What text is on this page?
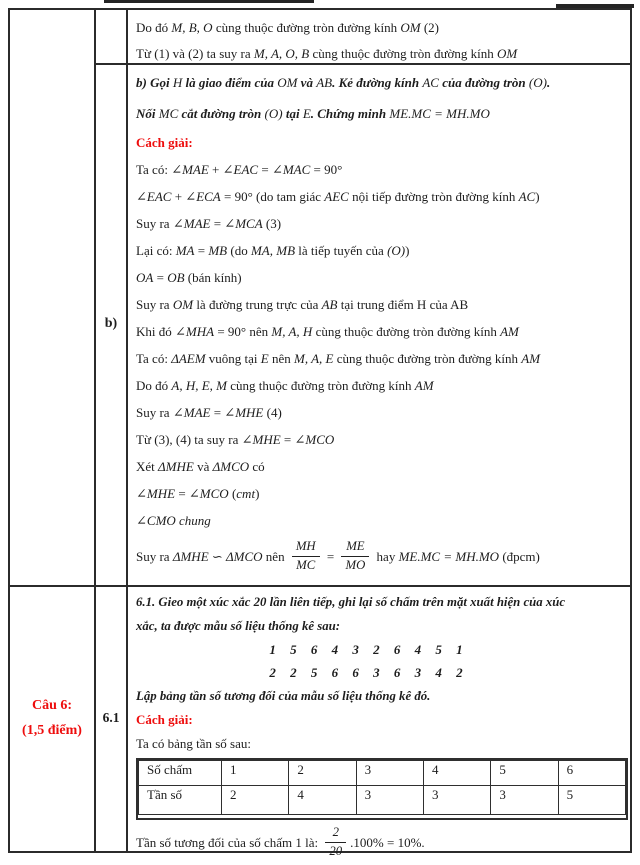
Do đó M, B, O cùng thuộc đường tròn đường kính OM (2)
Từ (1) và (2) ta suy ra M, A, O, B cùng thuộc đường tròn đường kính OM
b)
b) Gọi H là giao điểm của OM và AB. Kẻ đường kính AC của đường tròn (O).
Nối MC cắt đường tròn (O) tại E. Chứng minh ME.MC = MH.MO
Cách giải:
Ta có: ∠MAE + ∠EAC = ∠MAC = 90°
∠EAC + ∠ECA = 90° (do tam giác AEC nội tiếp đường tròn đường kính AC)
Suy ra ∠MAE = ∠MCA (3)
Lại có: MA = MB (do MA, MB là tiếp tuyến của (O))
OA = OB (bán kính)
Suy ra OM là đường trung trực của AB tại trung điểm H của AB
Khi đó ∠MHA = 90° nên M, A, H cùng thuộc đường tròn đường kính AM
Ta có: ΔAEM vuông tại E nên M, A, E cùng thuộc đường tròn đường kính AM
Do đó A, H, E, M cùng thuộc đường tròn đường kính AM
Suy ra ∠MAE = ∠MHE (4)
Từ (3), (4) ta suy ra ∠MHE = ∠MCO
Xét ΔMHE và ΔMCO có
∠MHE = ∠MCO (cmt)
∠CMO chung
Suy ra ΔMHE ∽ ΔMCO nên $\frac{MH}{MC} = \frac{ME}{MO}$ hay ME.MC = MH.MO (đpcm)
Câu 6:
(1,5 điểm)
6.1
6.1. Gieo một xúc xắc 20 lần liên tiếp, ghi lại số chấm trên mặt xuất hiện của xúc
xắc, ta được mẫu số liệu thống kê sau:
1 5 6 4 3 2 6 4 5 1
2 2 5 6 6 3 6 3 4 2
Lập bảng tần số tương đối của mẫu số liệu thống kê đó.
Cách giải:
Ta có bảng tần số sau:
Số chấm	1	2	3	4	5	6
Tần số	2	4	3	3	3	5
Tần số tương đối của số chấm 1 là: $\frac{2}{20} .100\% = 10\%$.
